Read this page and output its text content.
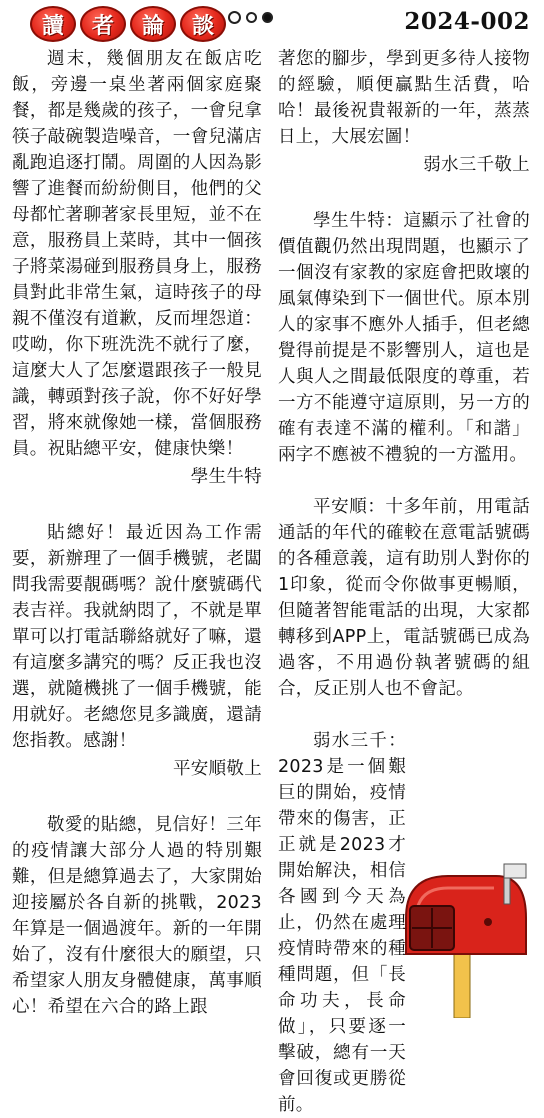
讀	者	論	談	2024-002

週末，幾個朋友在飯店吃飯，旁邊一桌坐著兩個家庭聚餐，都是幾歲的孩子，一會兒拿筷子敲碗製造噪音，一會兒滿店亂跑追逐打鬧。周圍的人因為影響了進餐而紛紛側目，他們的父母都忙著聊著家長里短，並不在意，服務員上菜時，其中一個孩子將菜湯碰到服務員身上，服務員對此非常生氣，這時孩子的母親不僅沒有道歉，反而埋怨道：哎呦，你下班洗洗不就行了麼，這麼大人了怎麼還跟孩子一般見識，轉頭對孩子說，你不好好學習，將來就像她一樣，當個服務員。祝貼總平安，健康快樂！

學生牛特

貼總好！最近因為工作需要，新辦理了一個手機號，老闆問我需要靚碼嗎？說什麼號碼代表吉祥。我就納悶了，不就是單單可以打電話聯絡就好了嘛，還有這麼多講究的嗎？反正我也沒選，就隨機挑了一個手機號，能用就好。老總您見多識廣，還請您指教。感謝！

平安順敬上

敬愛的貼總，見信好！三年的疫情讓大部分人過的特別艱難，但是總算過去了，大家開始迎接屬於各自新的挑戰，2023年算是一個過渡年。新的一年開始了，沒有什麼很大的願望，只希望家人朋友身體健康，萬事順心！希望在六合的路上跟

著您的腳步，學到更多待人接物的經驗，順便贏點生活費，哈哈！最後祝貴報新的一年，蒸蒸日上，大展宏圖！

弱水三千敬上

學生牛特：這顯示了社會的價值觀仍然出現問題，也顯示了一個沒有家教的家庭會把敗壞的風氣傳染到下一個世代。原本別人的家事不應外人插手，但老總覺得前提是不影響別人，這也是人與人之間最低限度的尊重，若一方不能遵守這原則，另一方的確有表達不滿的權利。「和諧」兩字不應被不禮貌的一方濫用。

平安順：十多年前，用電話通話的年代的確較在意電話號碼的各種意義，這有助別人對你的1印象，從而令你做事更暢順，但隨著智能電話的出現，大家都轉移到APP上，電話號碼已成為過客，不用過份執著號碼的組合，反正別人也不會記。

弱水三千：2023是一個艱巨的開始，疫情帶來的傷害，正正就是2023才開始解決，相信各國到今天為止，仍然在處理疫情時帶來的種種問題，但「長命功夫，長命做」，只要逐一擊破，總有一天會回復或更勝從前。
